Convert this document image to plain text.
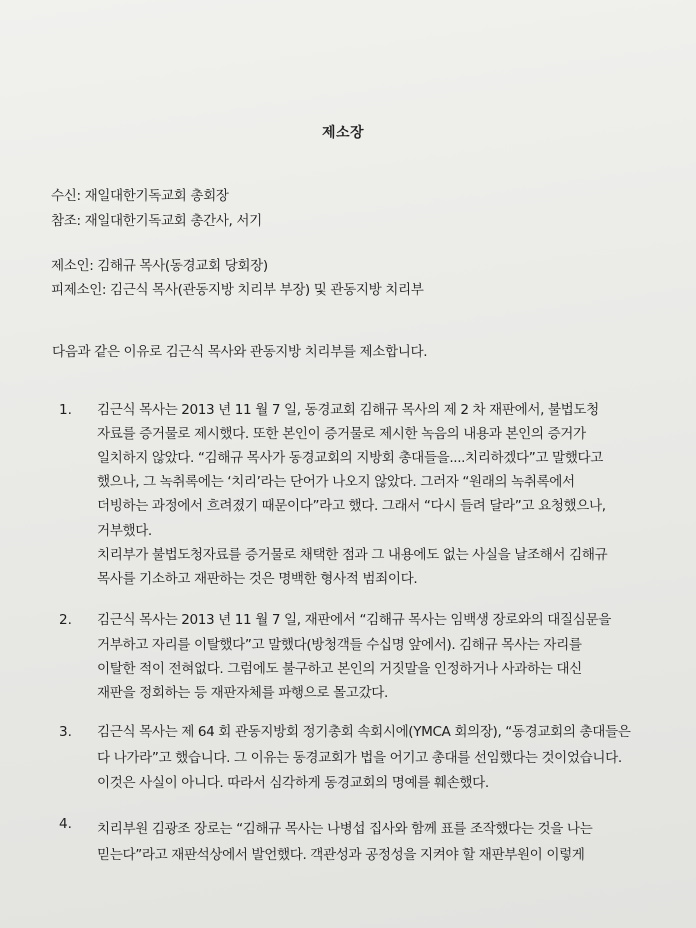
제소장

수신: 재일대한기독교회 총회장

참조: 재일대한기독교회 총간사, 서기

제소인: 김해규 목사(동경교회 당회장)

피제소인: 김근식 목사(관동지방 치리부 부장) 및 관동지방 치리부

다음과 같은 이유로 김근식 목사와 관동지방 치리부를 제소합니다.

1. 김근식 목사는 2013 년 11 월 7 일, 동경교회 김해규 목사의 제 2 차 재판에서, 불법도청

자료를 증거물로 제시했다. 또한 본인이 증거물로 제시한 녹음의 내용과 본인의 증거가

일치하지 않았다. “김해규 목사가 동경교회의 지방회 총대들을....치리하겠다”고 말했다고

했으나, 그 녹취록에는 ‘치리’라는 단어가 나오지 않았다. 그러자 “원래의 녹취록에서

더빙하는 과정에서 흐려졌기 때문이다”라고 했다. 그래서 “다시 들려 달라”고 요청했으나,

거부했다.

치리부가 불법도청자료를 증거물로 채택한 점과 그 내용에도 없는 사실을 날조해서 김해규

목사를 기소하고 재판하는 것은 명백한 형사적 범죄이다.

2. 김근식 목사는 2013 년 11 월 7 일, 재판에서 “김해규 목사는 임백생 장로와의 대질심문을

거부하고 자리를 이탈했다”고 말했다(방청객들 수십명 앞에서). 김해규 목사는 자리를

이탈한 적이 전혀없다. 그럼에도 불구하고 본인의 거짓말을 인정하거나 사과하는 대신

재판을 정회하는 등 재판자체를 파행으로 몰고갔다.

3. 김근식 목사는 제 64 회 관동지방회 정기총회 속회시에(YMCA 회의장), “동경교회의 총대들은

다 나가라”고 했습니다. 그 이유는 동경교회가 법을 어기고 총대를 선임했다는 것이었습니다.

이것은 사실이 아니다. 따라서 심각하게 동경교회의 명예를 훼손했다.

4. 치리부원 김광조 장로는 “김해규 목사는 나병섭 집사와 함께 표를 조작했다는 것을 나는

믿는다”라고 재판석상에서 발언했다. 객관성과 공정성을 지켜야 할 재판부원이 이렇게
